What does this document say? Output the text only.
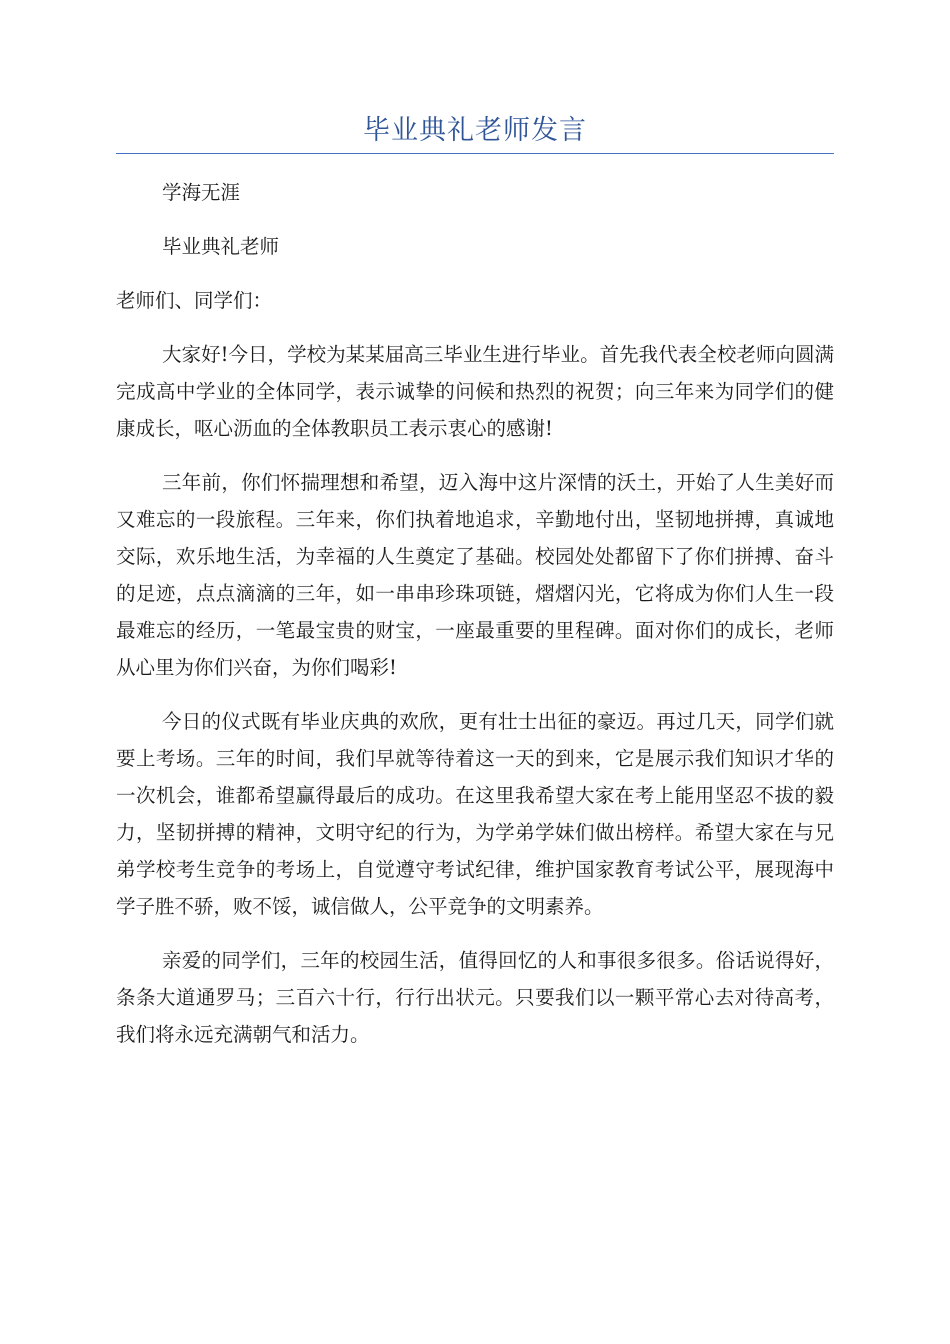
毕业典礼老师发言

学海无涯

毕业典礼老师

老师们、同学们：

大家好!今日，学校为某某届高三毕业生进行毕业。首先我代表全校老师向圆满完成高中学业的全体同学，表示诚挚的问候和热烈的祝贺；向三年来为同学们的健康成长，呕心沥血的全体教职员工表示衷心的感谢!

三年前，你们怀揣理想和希望，迈入海中这片深情的沃土，开始了人生美好而又难忘的一段旅程。三年来，你们执着地追求，辛勤地付出，坚韧地拼搏，真诚地交际，欢乐地生活，为幸福的人生奠定了基础。校园处处都留下了你们拼搏、奋斗的足迹，点点滴滴的三年，如一串串珍珠项链，熠熠闪光，它将成为你们人生一段最难忘的经历，一笔最宝贵的财宝，一座最重要的里程碑。面对你们的成长，老师从心里为你们兴奋，为你们喝彩!

今日的仪式既有毕业庆典的欢欣，更有壮士出征的豪迈。再过几天，同学们就要上考场。三年的时间，我们早就等待着这一天的到来，它是展示我们知识才华的一次机会，谁都希望赢得最后的成功。在这里我希望大家在考上能用坚忍不拔的毅力，坚韧拼搏的精神，文明守纪的行为，为学弟学妹们做出榜样。希望大家在与兄弟学校考生竞争的考场上，自觉遵守考试纪律，维护国家教育考试公平，展现海中学子胜不骄，败不馁，诚信做人，公平竞争的文明素养。

亲爱的同学们，三年的校园生活，值得回忆的人和事很多很多。俗话说得好，条条大道通罗马；三百六十行，行行出状元。只要我们以一颗平常心去对待高考，我们将永远充满朝气和活力。
